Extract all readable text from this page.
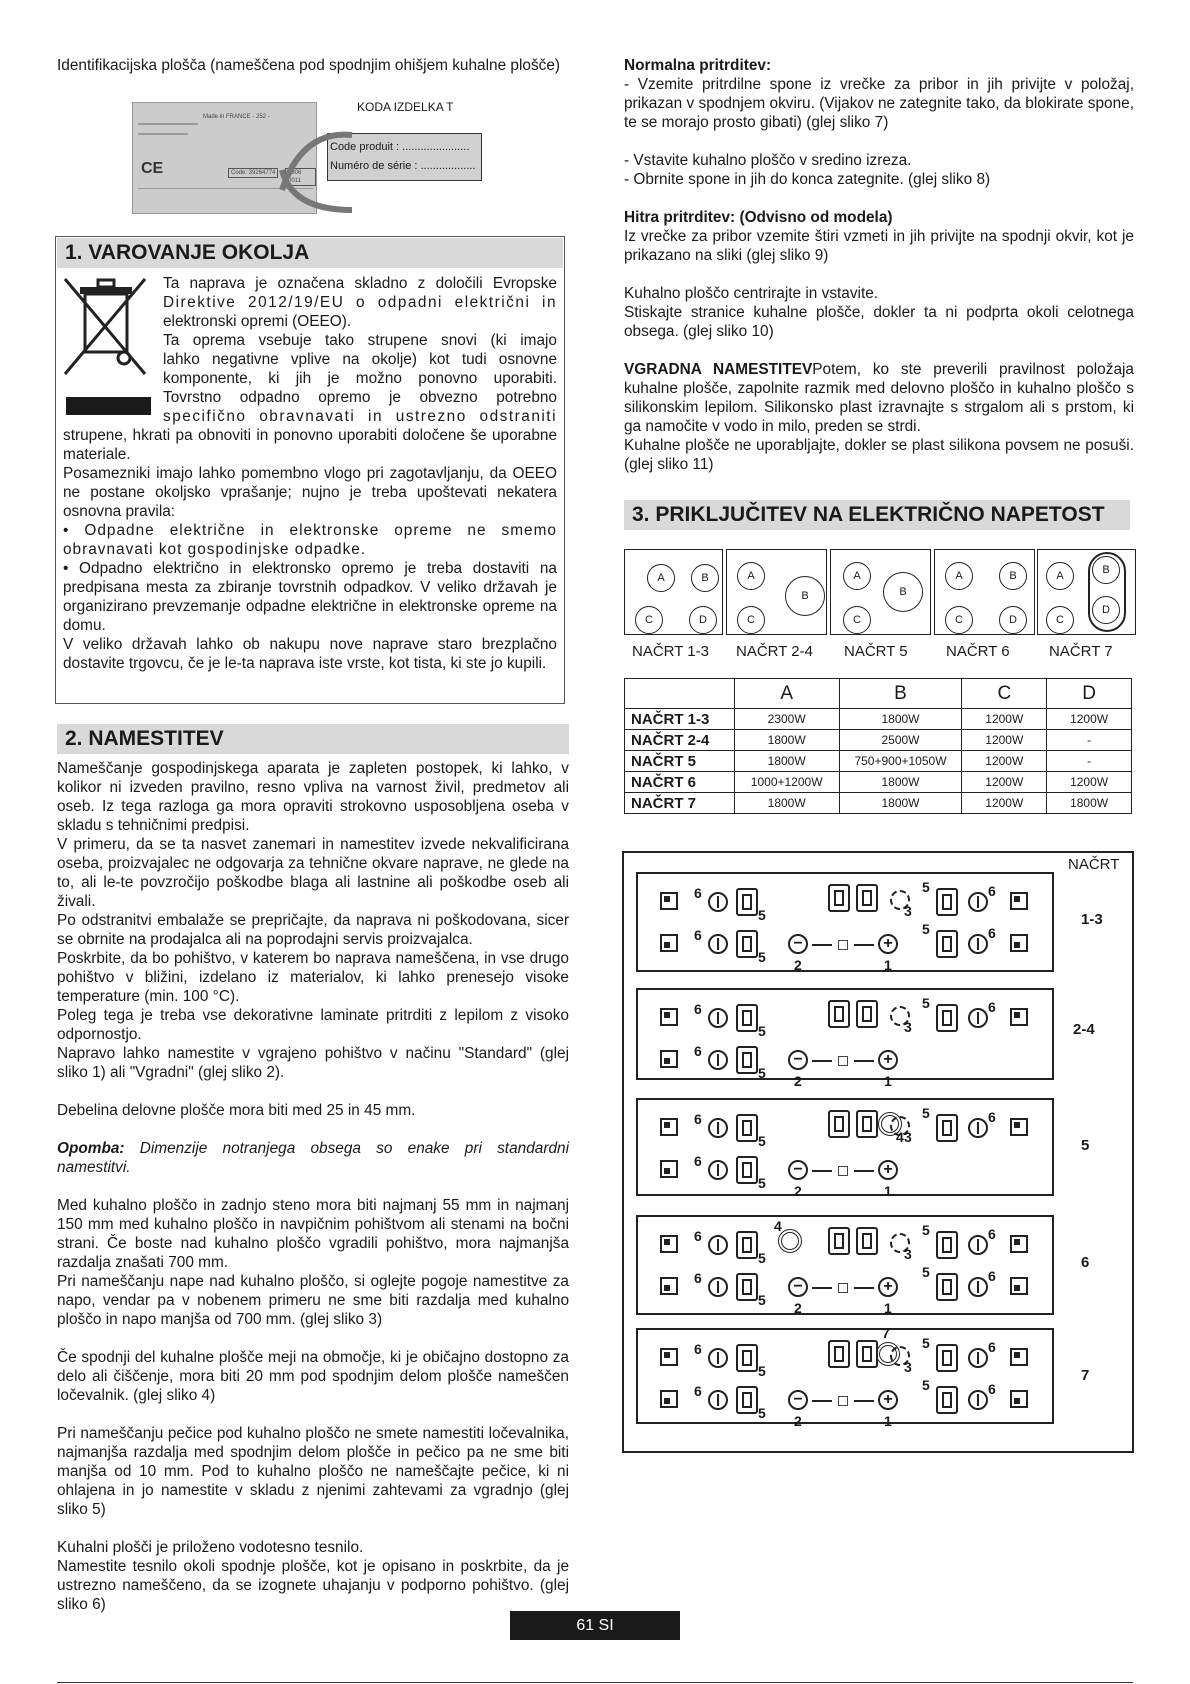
Identifikacijska plošča (nameščena pod spodnjim ohišjem kuhalne plošče)

Made in FRANCE - 252 -
CE	Code: 39264774	0306 0011
KODA IZDELKA T
Code produit : ......................
Numéro de série : ..................
1. VAROVANJE OKOLJA

Ta naprava je označena skladno z določili Evropske

Direktive 2012/19/EU o odpadni električni in

elektronski opremi (OEEO).

Ta oprema vsebuje tako strupene snovi (ki imajo

lahko negativne vplive na okolje) kot tudi osnovne

komponente, ki jih je možno ponovno uporabiti.

Tovrstno odpadno opremo je obvezno potrebno

specifično obravnavati in ustrezno odstraniti

strupene, hkrati pa obnoviti in ponovno uporabiti določene še uporabne materiale.

Posamezniki imajo lahko pomembno vlogo pri zagotavljanju, da OEEO ne postane okoljsko vprašanje; nujno je treba upoštevati nekatera osnovna pravila:

• Odpadne električne in elektronske opreme ne smemo obravnavati kot gospodinjske odpadke.

• Odpadno električno in elektronsko opremo je treba dostaviti na predpisana mesta za zbiranje tovrstnih odpadkov. V veliko državah je organizirano prevzemanje odpadne električne in elektronske opreme na domu.

V veliko državah lahko ob nakupu nove naprave staro brezplačno dostavite trgovcu, če je le-ta naprava iste vrste, kot tista, ki ste jo kupili.

2. NAMESTITEV

Nameščanje gospodinjskega aparata je zapleten postopek, ki lahko, v kolikor ni izveden pravilno, resno vpliva na varnost živil, predmetov ali oseb. Iz tega razloga ga mora opraviti strokovno usposobljena oseba v skladu s tehničnimi predpisi.

V primeru, da se ta nasvet zanemari in namestitev izvede nekvalificirana oseba, proizvajalec ne odgovarja za tehnične okvare naprave, ne glede na to, ali le-te povzročijo poškodbe blaga ali lastnine ali poškodbe oseb ali živali.

Po odstranitvi embalaže se prepričajte, da naprava ni poškodovana, sicer se obrnite na prodajalca ali na poprodajni servis proizvajalca.

Poskrbite, da bo pohištvo, v katerem bo naprava nameščena, in vse drugo pohištvo v bližini, izdelano iz materialov, ki lahko prenesejo visoke temperature (min. 100 °C).

Poleg tega je treba vse dekorativne laminate pritrditi z lepilom z visoko odpornostjo.

Napravo lahko namestite v vgrajeno pohištvo v načinu "Standard" (glej sliko 1) ali "Vgradni" (glej sliko 2).

Debelina delovne plošče mora biti med 25 in 45 mm.

Opomba: Dimenzije notranjega obsega so enake pri standardni namestitvi.

Med kuhalno ploščo in zadnjo steno mora biti najmanj 55 mm in najmanj 150 mm med kuhalno ploščo in navpičnim pohištvom ali stenami na bočni strani. Če boste nad kuhalno ploščo vgradili pohištvo, mora najmanjša razdalja znašati 700 mm.

Pri nameščanju nape nad kuhalno ploščo, si oglejte pogoje namestitve za napo, vendar pa v nobenem primeru ne sme biti razdalja med kuhalno ploščo in napo manjša od 700 mm. (glej sliko 3)

Če spodnji del kuhalne plošče meji na območje, ki je običajno dostopno za delo ali čiščenje, mora biti 20 mm pod spodnjim delom plošče nameščen ločevalnik. (glej sliko 4)

Pri nameščanju pečice pod kuhalno ploščo ne smete namestiti ločevalnika, najmanjša razdalja med spodnjim delom plošče in pečico pa ne sme biti manjša od 10 mm. Pod to kuhalno ploščo ne nameščajte pečice, ki ni ohlajena in jo namestite v skladu z njenimi zahtevami za vgradnjo (glej sliko 5)

Kuhalni plošči je priloženo vodotesno tesnilo.

Namestite tesnilo okoli spodnje plošče, kot je opisano in poskrbite, da je ustrezno nameščeno, da se izognete uhajanju v podporno pohištvo. (glej sliko 6)

Normalna pritrditev:

- Vzemite pritrdilne spone iz vrečke za pribor in jih privijte v položaj, prikazan v spodnjem okviru. (Vijakov ne zategnite tako, da blokirate spone, te se morajo prosto gibati) (glej sliko 7)

- Vstavite kuhalno ploščo v sredino izreza.

- Obrnite spone in jih do konca zategnite. (glej sliko 8)

Hitra pritrditev: (Odvisno od modela)

Iz vrečke za pribor vzemite štiri vzmeti in jih privijte na spodnji okvir, kot je prikazano na sliki (glej sliko 9)

Kuhalno ploščo centrirajte in vstavite.

Stiskajte stranice kuhalne plošče, dokler ta ni podprta okoli celotnega obsega. (glej sliko 10)

VGRADNA NAMESTITEVPotem, ko ste preverili pravilnost položaja kuhalne plošče, zapolnite razmik med delovno ploščo in kuhalno ploščo s silikonskim lepilom. Silikonsko plast izravnajte s strgalom ali s prstom, ki ga namočite v vodo in milo, preden se strdi.

Kuhalne plošče ne uporabljajte, dokler se plast silikona povsem ne posuši. (glej sliko 11)

3. PRIKLJUČITEV NA ELEKTRIČNO NAPETOST
A	B
C	D
NAČRT 1-3
A
B
C
NAČRT 2-4
A
B
C
NAČRT 5
A	B
C	D
NAČRT 6
A	B
C
D
NAČRT 7
	A	B	C	D
NAČRT 1-3	2300W	1800W	1200W	1200W
NAČRT 2-4	1800W	2500W	1200W	-
NAČRT 5	1800W	750+900+1050W	1200W	-
NAČRT 6	1000+1200W	1800W	1200W	1200W
NAČRT 7	1800W	1800W	1200W	1800W
NAČRT
6
5
6
5
6
5
6
5
−	+
2	1
3	1-3
6
5
6
5
6
5
−	+
2	1
3	2-4
6
5
6
5
6
5
−	+
2	1
3
4	5
6
5
6
5
6
5
6
5
−	+
2	1
3
4
6
6
5
6
5
6
5
6
5
−	+
2	1
3
7
7
61 SI
